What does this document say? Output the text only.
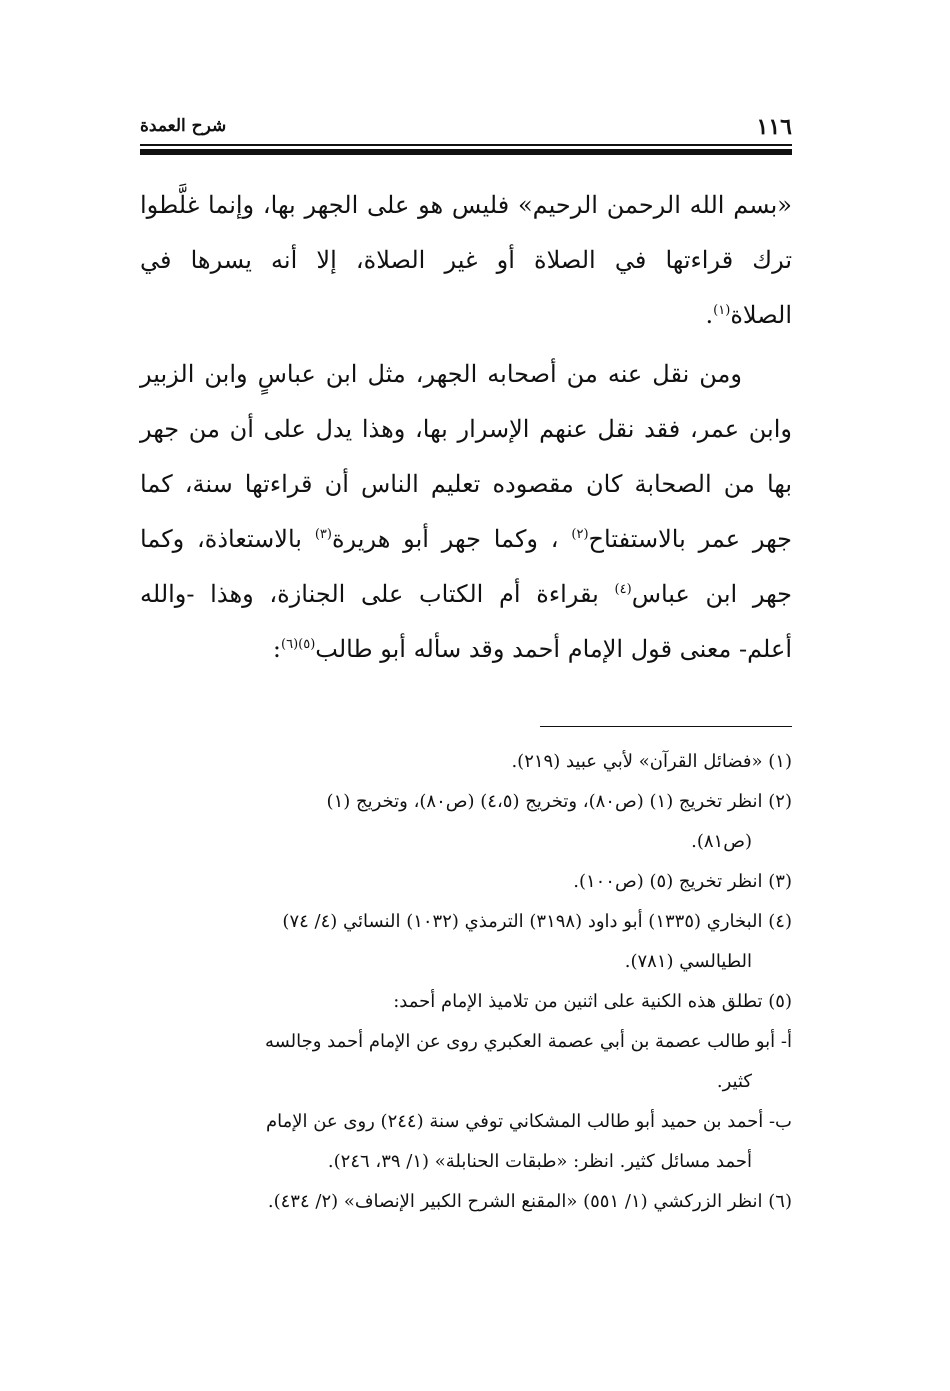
١١٦
شرح العمدة
«بسم الله الرحمن الرحيم» فليس هو على الجهر بها، وإنما غلَّطوا
ترك قراءتها في الصلاة أو غير الصلاة، إلا أنه يسرها في
الصلاة$^{(١)}$.
ومن نقل عنه من أصحابه الجهر، مثل ابن عباسٍ وابن الزبير
وابن عمر، فقد نقل عنهم الإسرار بها، وهذا يدل على أن من جهر
بها من الصحابة كان مقصوده تعليم الناس أن قراءتها سنة، كما
جهر عمر بالاستفتاح$^{(٢)}$ ، وكما جهر أبو هريرة$^{(٣)}$ بالاستعاذة، وكما
جهر ابن عباس$^{(٤)}$ بقراءة أم الكتاب على الجنازة، وهذا -والله
أعلم- معنى قول الإمام أحمد وقد سأله أبو طالب$^{(٥)(٦)}$:
(١) «فضائل القرآن» لأبي عبيد (٢١٩).
(٢) انظر تخريج (١) (ص٨٠)، وتخريج (٤،٥) (ص٨٠)، وتخريج (١)
(ص٨١).
(٣) انظر تخريج (٥) (ص١٠٠).
(٤) البخاري (١٣٣٥) أبو داود (٣١٩٨) الترمذي (١٠٣٢) النسائي (٤/ ٧٤)
الطيالسي (٧٨١).
(٥) تطلق هذه الكنية على اثنين من تلاميذ الإمام أحمد:
أ- أبو طالب عصمة بن أبي عصمة العكبري روى عن الإمام أحمد وجالسه
كثير.
ب- أحمد بن حميد أبو طالب المشكاني توفي سنة (٢٤٤) روى عن الإمام
أحمد مسائل كثير. انظر: «طبقات الحنابلة» (١/ ٣٩، ٢٤٦).
(٦) انظر الزركشي (١/ ٥٥١) «المقنع الشرح الكبير الإنصاف» (٢/ ٤٣٤).
